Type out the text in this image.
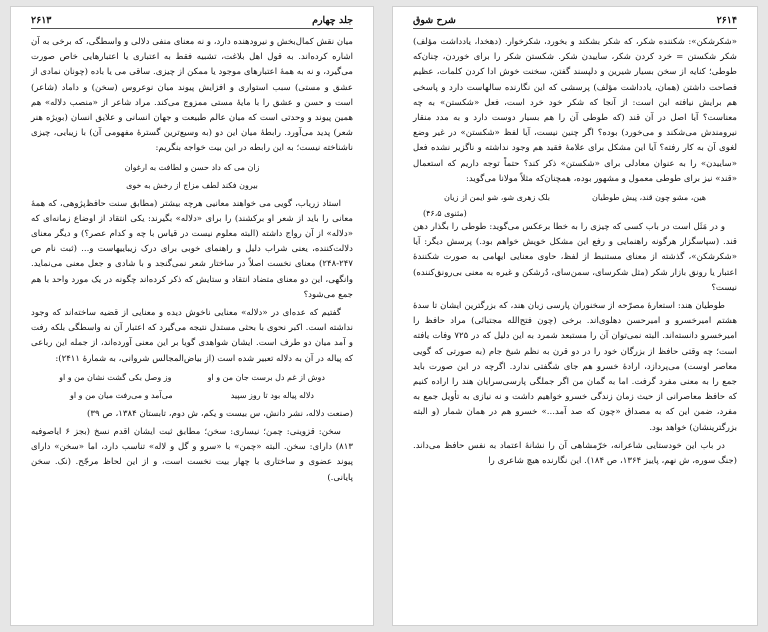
جلد چهارم
۲۶۱۳

میان نقش کمال‌بخش و نیرودهنده دارد، و نه معنای منفی دلالی و واسطگی، که برخی به آن اشاره کرده‌اند. به قول اهل بلاغت، تشبیه فقط به اعتباری یا اعتبارهایی خاص صورت می‌گیرد، و نه به همهٔ اعتبارهای موجود یا ممکن از چیزی. ساقی می یا باده (چونان نمادی از عشق و مستی) سبب استواری و افزایش پیوند میان نوعروس (سخن) و داماد (شاعر) است و حسن و عشق را با مایهٔ مستی ممزوج می‌کند. مراد شاعر از «منصب دلاله» هم همین پیوند و وحدتی است که میان عالم طبیعت و جهان انسانی و علایق انسان (بویژه هنر شعر) پدید می‌آورد. رابطهٔ میان این دو (به وسیع‌ترین گسترهٔ مفهومی آن) با زیبایی، چیزی ناشناخته نیست؛ به این رابطه در این بیت خواجه بنگریم:

زان می که داد حسن و لطافت به ارغوان
بیرون فکند لطف مزاج از رخش به خوی

استاد زریاب، گویی می خواهند معانیی هرچه بیشتر (مطابق سنت حافظ‌پژوهی، که همهٔ معانی را باید از شعر او برکشند) را برای «دلاله» بگیرند: یکی انتقاد از اوضاع زمانه‌ای که «دلاله» از آن رواج داشته (البته معلوم نیست در قیاس با چه و کدام عصر؟) و دیگر معنای دلالت‌کننده، یعنی شراب دلیل و راهنمای خوبی برای درک زیباییهاست و... (ثبت نام ص ۲۴۷-۲۴۸) معنای نخست اصلاً در ساختار شعر نمی‌گنجد و با شادی و جعل معنی می‌نماید. وانگهی، این دو معنای متضاد انتقاد و ستایش که ذکر کرده‌اند چگونه در یک مورد واحد با هم جمع می‌شود؟

گفتیم که عده‌ای در «دلاله» معنایی ناخوش دیده و معنایی از قضیه ساخته‌اند که وجود نداشته است. اکبر نحوی با بحثی مستدل نتیجه می‌گیرد که اعتبار آن نه واسطگی بلکه رفت و آمد میان دو طرف است. ایشان شواهدی گویا بر این معنی آورده‌اند، از جمله این رباعی که پیاله در آن به دلاله تعبیر شده است (از بیاض‌المجالس شروانی، به شمارهٔ ۲۴۱۱):

دوش از غم دل برست جان من و او
وز وصل بکی گشت نشان من و او
دلاله پیاله بود تا روز سپید
می‌آمد و می‌رفت میان من و او

(صنعت دلاله، نشر دانش، س بیست و یکم، ش دوم، تابستان ۱۳۸۴، ص ۳۹)

سخن: قزوینی: چمن؛ نیساری: سخن؛ مطابق ثبت ایشان اقدم نسخ (بجز ۶ ایاصوفیه ۸۱۳) دارای: سخن. البته «چمن» با «سرو و گل و لاله» تناسب دارد، اما «سخن» دارای پیوند عضوی و ساختاری با چهار بیت نخست است، و از این لحاظ مرجّح. (نک. سخن پایانی.)

۲۶۱۴
شرح شوق

«شکرشکن»: شکننده شکر، که شکر بشکند و بخورد، شکرخوار. (دهخدا، یادداشت مؤلف) شکر شکستن = خرد کردن شکر، ساییدن شکر. شکستن شکر را برای خوردن، چنان‌که طوطی؛ کنایه از سخن بسیار شیرین و دلپسند گفتن، سخنت خوش ادا کردن کلمات، عظیم فصاحت داشتن (همان، یادداشت مؤلف) پرسشی که این نگارنده سالهاست دارد و پاسخی هم برایش نیافته این است: از آنجا که شکر خود خرد است، فعل «شکستن» به چه معناست؟ آیا اصل در آن قند (که طوطی آن را هم بسیار دوست دارد و به مدد منقار نیرومندش می‌شکند و می‌خورد) بوده؟ اگر چنین نیست، آیا لفظ «شکستن» در غیر وضع لغوی آن به کار رفته؟ آیا این مشکل برای علامهٔ فقید هم وجود نداشته و ناگزیر نشده فعل «ساییدن» را به عنوان معادلی برای «شکستن» ذکر کند؟ حتماً توجه داریم که استعمال «قند» نیز برای طوطی معمول و مشهور بوده، همچنان‌که مثلاً مولانا می‌گوید:

هین، مشو چون قند، پیش طوطیان
بلک زهری شو، شو ایمن از زیان
(مثنوی ۴۶،۵)

و در مَثَل است در باب کسی که چیزی را به خطا برعکس می‌گوید: طوطی را بگذار دهن قند. (سپاسگزار هرگونه راهنمایی و رفع این مشکل خویش خواهم بود.) پرسش دیگر: آیا «شکرشکن»، گذشته از معنای مستنبط از لفظ، حاوی معنایی ایهامی به صورت شکنندهٔ اعتبار یا رونق بازار شکر (مثل شکرسای، سمن‌سای، دُرشکن و غیره به معنی بی‌رونق‌کننده) نیست؟

طوطیان هند: استعارهٔ مصرّحه از سخنوران پارسی زبان هند، که بزرگترین ایشان تا سدهٔ هشتم امیرخسرو و امیرحسن دهلوی‌اند. برخی (چون فتح‌الله مجتبائی) مراد حافظ را امیرخسرو دانسته‌اند. البته نمی‌توان آن را مستبعد شمرد به این دلیل که در ۷۲۵ وفات یافته است؛ چه وقتی حافظ از بزرگان خود را در دو قرن به نظم شیخ جام (به صورتی که گویی معاصر اوست) می‌پردازد، ارادهٔ خسرو هم جای شگفتی ندارد. اگرچه در این صورت باید جمع را به معنی مفرد گرفت. اما به گمان من اگر جملگی پارسی‌سرایان هند را اراده کنیم که حافظ معاصرانی از حیث زمان زندگی خسرو خواهیم داشت و نه نیازی به تأویل جمع به مفرد، ضمن این که به مصداق «چون که صد آمد...» خسرو هم در همان شمار (و البته بزرگترینشان) خواهد بود.

در باب این خودستایی شاعرانه، خرّمشاهی آن را نشانهٔ اعتماد به نفس حافظ می‌داند. (جنگ سوره، ش نهم، پاییز ۱۳۶۴، ص ۱۸۴). این نگارنده هیچ شاعری را
